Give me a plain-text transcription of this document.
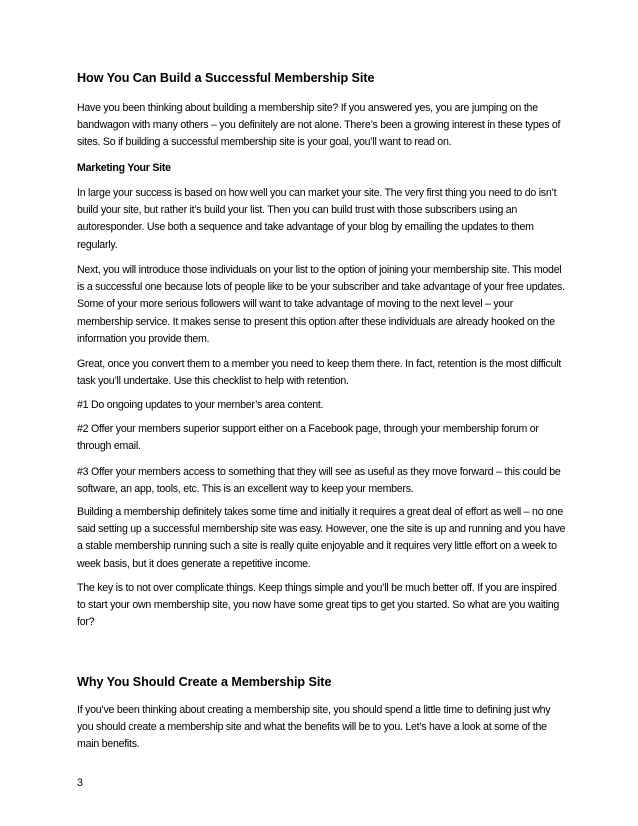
How You Can Build a Successful Membership Site

Have you been thinking about building a membership site? If you answered yes, you are jumping on the bandwagon with many others – you definitely are not alone. There’s been a growing interest in these types of sites. So if building a successful membership site is your goal, you’ll want to read on.

Marketing Your Site

In large your success is based on how well you can market your site. The very first thing you need to do isn’t build your site, but rather it’s build your list. Then you can build trust with those subscribers using an autoresponder. Use both a sequence and take advantage of your blog by emailing the updates to them regularly.

Next, you will introduce those individuals on your list to the option of joining your membership site. This model is a successful one because lots of people like to be your subscriber and take advantage of your free updates. Some of your more serious followers will want to take advantage of moving to the next level – your membership service. It makes sense to present this option after these individuals are already hooked on the information you provide them.

Great, once you convert them to a member you need to keep them there. In fact, retention is the most difficult task you’ll undertake. Use this checklist to help with retention.

#1 Do ongoing updates to your member’s area content.

#2 Offer your members superior support either on a Facebook page, through your membership forum or through email.

#3 Offer your members access to something that they will see as useful as they move forward – this could be software, an app, tools, etc. This is an excellent way to keep your members.

Building a membership definitely takes some time and initially it requires a great deal of effort as well – no one said setting up a successful membership site was easy. However, one the site is up and running and you have a stable membership running such a site is really quite enjoyable and it requires very little effort on a week to week basis, but it does generate a repetitive income.

The key is to not over complicate things. Keep things simple and you’ll be much better off. If you are inspired to start your own membership site, you now have some great tips to get you started. So what are you waiting for?

Why You Should Create a Membership Site

If you’ve been thinking about creating a membership site, you should spend a little time to defining just why you should create a membership site and what the benefits will be to you. Let’s have a look at some of the main benefits.

3
